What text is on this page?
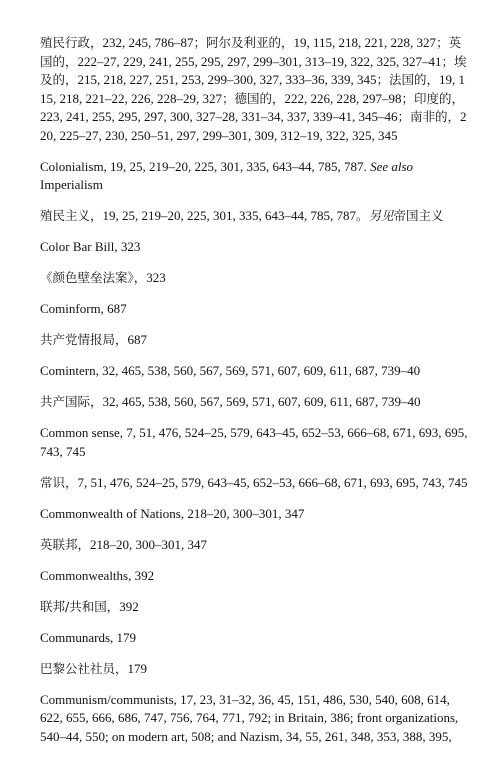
殖民行政，232, 245, 786–87；阿尔及利亚的，19, 115, 218, 221, 228, 327；英国的，222–27, 229, 241, 255, 295, 297, 299–301, 313–19, 322, 325, 327–41；埃及的，215, 218, 227, 251, 253, 299–300, 327, 333–36, 339, 345；法国的，19, 115, 218, 221–22, 226, 228–29, 327；德国的，222, 226, 228, 297–98；印度的，223, 241, 255, 295, 297, 300, 327–28, 331–34, 337, 339–41, 345–46；南非的，220, 225–27, 230, 250–51, 297, 299–301, 309, 312–19, 322, 325, 345

Colonialism, 19, 25, 219–20, 225, 301, 335, 643–44, 785, 787. See also Imperialism

殖民主义，19, 25, 219–20, 225, 301, 335, 643–44, 785, 787。另见帝国主义

Color Bar Bill, 323

《颜色壁垒法案》，323

Cominform, 687

共产党情报局，687

Comintern, 32, 465, 538, 560, 567, 569, 571, 607, 609, 611, 687, 739–40

共产国际，32, 465, 538, 560, 567, 569, 571, 607, 609, 611, 687, 739–40

Common sense, 7, 51, 476, 524–25, 579, 643–45, 652–53, 666–68, 671, 693, 695, 743, 745

常识，7, 51, 476, 524–25, 579, 643–45, 652–53, 666–68, 671, 693, 695, 743, 745

Commonwealth of Nations, 218–20, 300–301, 347

英联邦，218–20, 300–301, 347

Commonwealths, 392

联邦/共和国，392

Communards, 179

巴黎公社社员，179

Communism/communists, 17, 23, 31–32, 36, 45, 151, 486, 530, 540, 608, 614, 622, 655, 666, 686, 747, 756, 764, 771, 792; in Britain, 386; front organizations, 540–44, 550; on modern art, 508; and Nazism, 34, 55, 261, 348, 353, 388, 395,
